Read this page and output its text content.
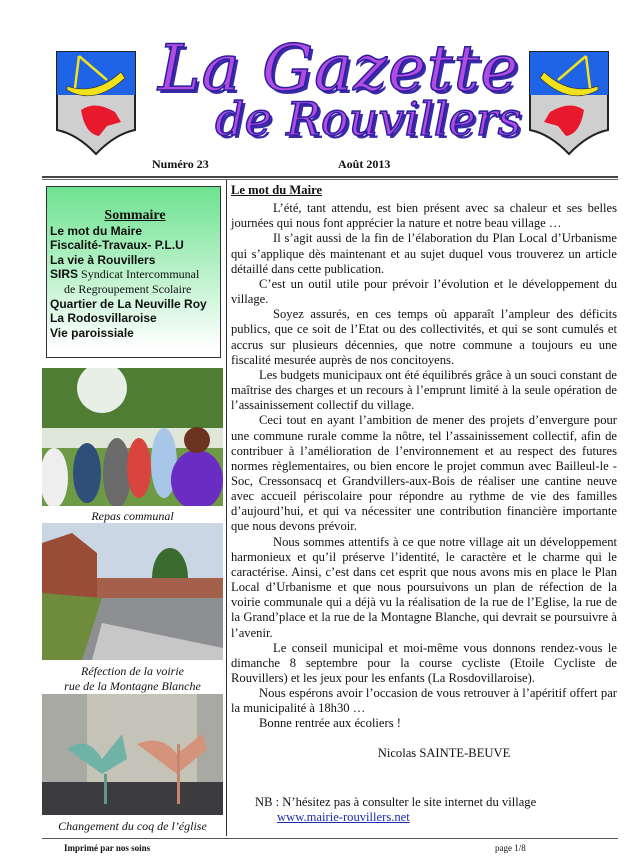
La Gazette
de Rouvillers
Numéro 23	Août 2013
Sommaire
Le mot du Maire
Fiscalité-Travaux- P.L.U
La vie à Rouvillers
SIRS Syndicat Intercommunal
de Regroupement Scolaire
Quartier de La Neuville Roy
La Rodosvillaroise
Vie paroissiale
Repas communal
Réfection de la voirie
rue de la Montagne Blanche
Changement du coq de l’église
Le mot du Maire

L’été, tant attendu, est bien présent avec sa chaleur et ses belles journées qui nous font apprécier la nature et notre beau village …

Il s’agit aussi de la fin de l’élaboration du Plan Local d’Urbanisme qui s’applique dès maintenant et au sujet duquel vous trouverez un article détaillé dans cette publication.

C’est un outil utile pour prévoir l’évolution et le développement du village.

Soyez assurés, en ces temps où apparaît l’ampleur des déficits publics, que ce soit de l’Etat ou des collectivités, et qui se sont cumulés et accrus sur plusieurs décennies, que notre commune a toujours eu une fiscalité mesurée auprès de nos concitoyens.

Les budgets municipaux ont été équilibrés grâce à un souci constant de maîtrise des charges et un recours à l’emprunt limité à la seule opération de l’assainissement collectif du village.

Ceci tout en ayant l’ambition de mener des projets d’envergure pour une commune rurale comme la nôtre, tel l’assainissement collectif, afin de contribuer à l’amélioration de l’environnement et au respect des futures normes règlementaires, ou bien encore le projet commun avec Bailleul-le - Soc, Cressonsacq et Grandvillers-aux-Bois de réaliser une cantine neuve avec accueil périscolaire pour répondre au rythme de vie des familles d’aujourd’hui, et qui va nécessiter une contribution financière importante que nous devons prévoir.

Nous sommes attentifs à ce que notre village ait un développement harmonieux et qu’il préserve l’identité, le caractère et le charme qui le caractérise. Ainsi, c’est dans cet esprit que nous avons mis en place le Plan Local d’Urbanisme et que nous poursuivons un plan de réfection de la voirie communale qui a déjà vu la réalisation de la rue de l’Eglise, la rue de la Grand’place et la rue de la Montagne Blanche, qui devrait se poursuivre à l’avenir.

Le conseil municipal et moi-même vous donnons rendez-vous le dimanche 8 septembre pour la course cycliste (Etoile Cycliste de Rouvillers) et les jeux pour les enfants (La Rosdovillaroise).

Nous espérons avoir l’occasion de vous retrouver à l’apéritif offert par la municipalité à 18h30 …

Bonne rentrée aux écoliers !

Nicolas SAINTE-BEUVE

NB : N’hésitez pas à consulter le site internet du village

www.mairie-rouvillers.net

Imprimé par nos soins	page 1/8
